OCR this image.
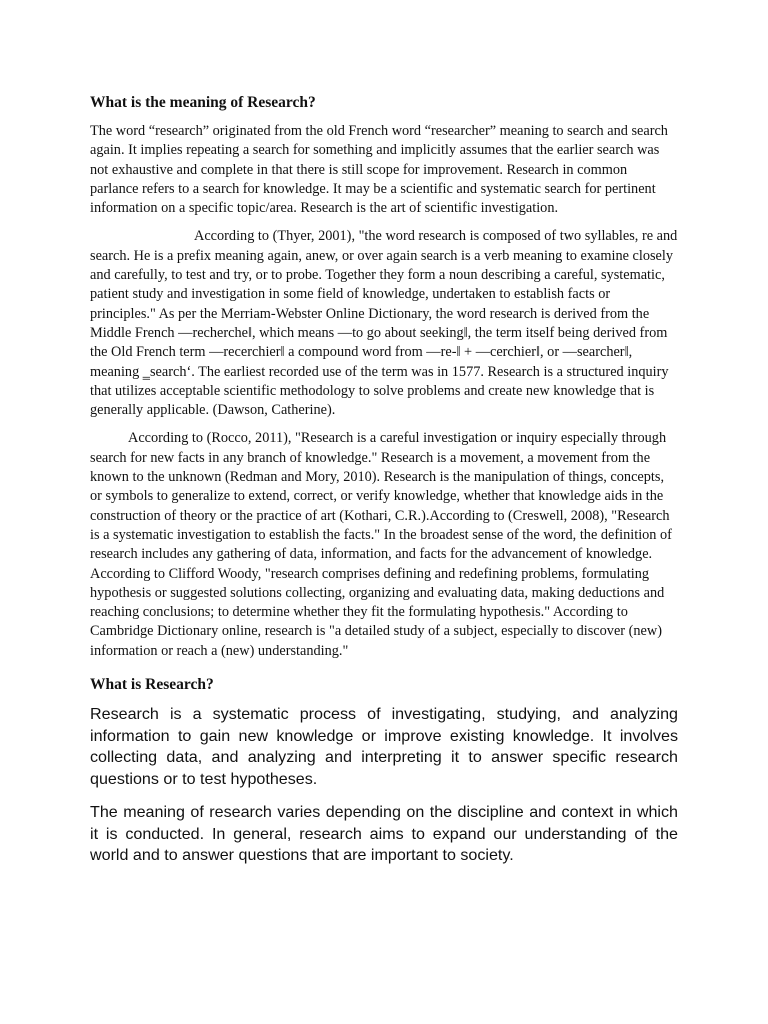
What is the meaning of Research?

The word “research” originated from the old French word “researcher” meaning to search and search again. It implies repeating a search for something and implicitly assumes that the earlier search was not exhaustive and complete in that there is still scope for improvement. Research in common parlance refers to a search for knowledge. It may be a scientific and systematic search for pertinent information on a specific topic/area. Research is the art of scientific investigation.

According to (Thyer, 2001), "the word research is composed of two syllables, re and search. He is a prefix meaning again, anew, or over again search is a verb meaning to examine closely and carefully, to test and try, or to probe. Together they form a noun describing a careful, systematic, patient study and investigation in some field of knowledge, undertaken to establish facts or principles." As per the Merriam-Webster Online Dictionary, the word research is derived from the Middle French —recherche‖, which means —to go about seeking‖, the term itself being derived from the Old French term —recerchier‖ a compound word from —re-‖ + —cerchier‖, or —searcher‖, meaning ‗search‘. The earliest recorded use of the term was in 1577. Research is a structured inquiry that utilizes acceptable scientific methodology to solve problems and create new knowledge that is generally applicable. (Dawson, Catherine).

According to (Rocco, 2011), "Research is a careful investigation or inquiry especially through search for new facts in any branch of knowledge." Research is a movement, a movement from the known to the unknown (Redman and Mory, 2010). Research is the manipulation of things, concepts, or symbols to generalize to extend, correct, or verify knowledge, whether that knowledge aids in the construction of theory or the practice of art (Kothari, C.R.).According to (Creswell, 2008), "Research is a systematic investigation to establish the facts." In the broadest sense of the word, the definition of research includes any gathering of data, information, and facts for the advancement of knowledge. According to Clifford Woody, "research comprises defining and redefining problems, formulating hypothesis or suggested solutions collecting, organizing and evaluating data, making deductions and reaching conclusions; to determine whether they fit the formulating hypothesis." According to Cambridge Dictionary online, research is "a detailed study of a subject, especially to discover (new) information or reach a (new) understanding."

What is Research?

Research is a systematic process of investigating, studying, and analyzing information to gain new knowledge or improve existing knowledge. It involves collecting data, and analyzing and interpreting it to answer specific research questions or to test hypotheses.

The meaning of research varies depending on the discipline and context in which it is conducted. In general, research aims to expand our understanding of the world and to answer questions that are important to society.
